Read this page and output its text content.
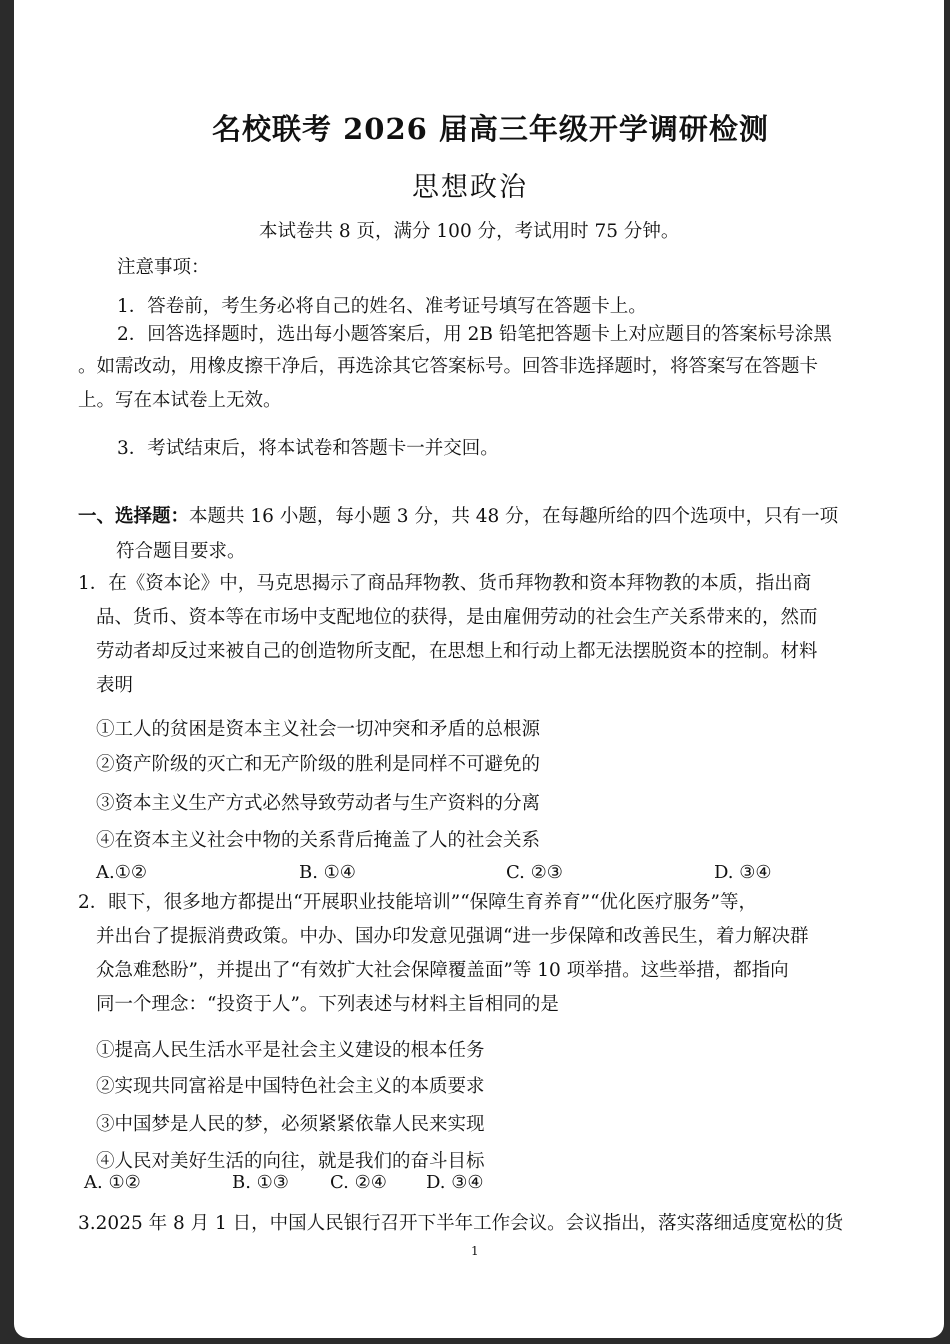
名校联考 2026 届高三年级开学调研检测
思想政治
本试卷共 8 页，满分 100 分，考试用时 75 分钟。
注意事项：
1．答卷前，考生务必将自己的姓名、准考证号填写在答题卡上。
2．回答选择题时，选出每小题答案后，用 2B 铅笔把答题卡上对应题目的答案标号涂黑
。如需改动，用橡皮擦干净后，再选涂其它答案标号。回答非选择题时，将答案写在答题卡
上。写在本试卷上无效。
3．考试结束后，将本试卷和答题卡一并交回。
一、选择题：本题共 16 小题，每小题 3 分，共 48 分，在每趣所给的四个选项中，只有一项
符合题目要求。
1．在《资本论》中，马克思揭示了商品拜物教、货币拜物教和资本拜物教的本质，指出商
品、货币、资本等在市场中支配地位的获得，是由雇佣劳动的社会生产关系带来的，然而
劳动者却反过来被自己的创造物所支配，在思想上和行动上都无法摆脱资本的控制。材料
表明
①工人的贫困是资本主义社会一切冲突和矛盾的总根源
②资产阶级的灭亡和无产阶级的胜利是同样不可避免的
③资本主义生产方式必然导致劳动者与生产资料的分离
④在资本主义社会中物的关系背后掩盖了人的社会关系
A.①②	B. ①④	C. ②③	D. ③④
2．眼下，很多地方都提出“开展职业技能培训”“保障生育养育”“优化医疗服务”等，
并出台了提振消费政策。中办、国办印发意见强调“进一步保障和改善民生，着力解决群
众急难愁盼”，并提出了“有效扩大社会保障覆盖面”等 10 项举措。这些举措，都指向
同一个理念：“投资于人”。下列表述与材料主旨相同的是
①提高人民生活水平是社会主义建设的根本任务
②实现共同富裕是中国特色社会主义的本质要求
③中国梦是人民的梦，必须紧紧依靠人民来实现
④人民对美好生活的向往，就是我们的奋斗目标
A. ①②	B. ①③ C. ②④ D. ③④
3.2025 年 8 月 1 日，中国人民银行召开下半年工作会议。会议指出，落实落细适度宽松的货
1
